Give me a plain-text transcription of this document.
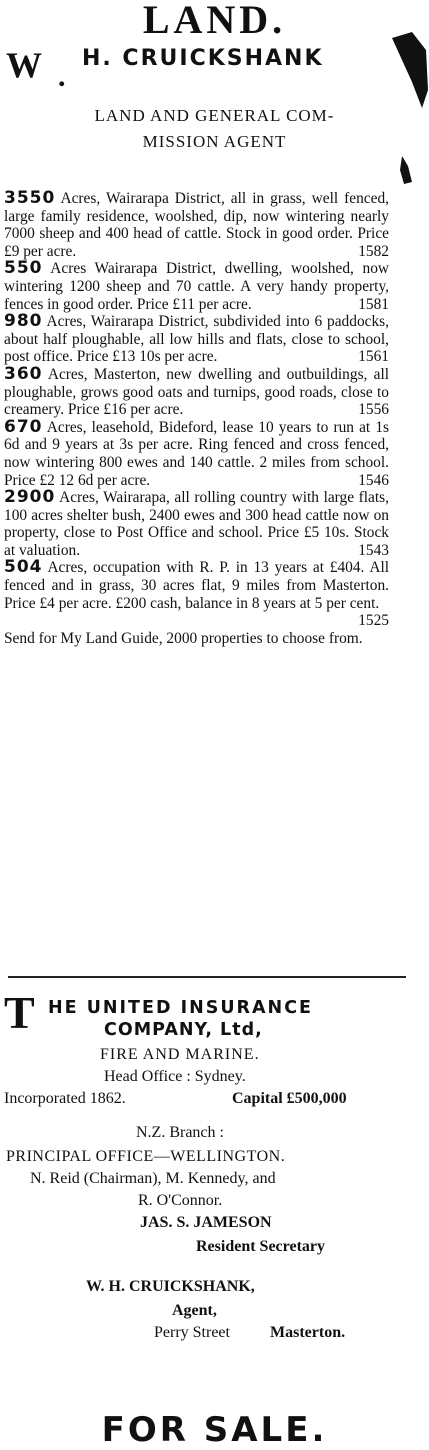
LAND.
W .
H. CRUICKSHANK
LAND AND GENERAL COM-
MISSION AGENT
3550 Acres, Wairarapa District, all in grass, well fenced, large family residence, woolshed, dip, now wintering nearly 7000 sheep and 400 head of cattle. Stock in good order. Price £9 per acre.	1582
550 Acres Wairarapa District, dwelling, woolshed, now wintering 1200 sheep and 70 cattle. A very handy property, fences in good order. Price £11 per acre.	1581
980 Acres, Wairarapa District, subdivided into 6 paddocks, about half ploughable, all low hills and flats, close to school, post office. Price £13 10s per acre.	1561
360 Acres, Masterton, new dwelling and outbuildings, all ploughable, grows good oats and turnips, good roads, close to creamery. Price £16 per acre.	1556
670 Acres, leasehold, Bideford, lease 10 years to run at 1s 6d and 9 years at 3s per acre. Ring fenced and cross fenced, now wintering 800 ewes and 140 cattle. 2 miles from school. Price £2 12 6d per acre.	1546
2900 Acres, Wairarapa, all rolling country with large flats, 100 acres shelter bush, 2400 ewes and 300 head cattle now on property, close to Post Office and school. Price £5 10s. Stock at valuation.	1543
504 Acres, occupation with R. P. in 13 years at £404. All fenced and in grass, 30 acres flat, 9 miles from Masterton. Price £4 per acre. £200 cash, balance in 8 years at 5 per cent.
1525
Send for My Land Guide, 2000 properties to choose from.
T HE UNITED INSURANCE
COMPANY, Ltd,
FIRE AND MARINE.
Head Office : Sydney.
Incorporated 1862.	Capital £500,000
N.Z. Branch :
PRINCIPAL OFFICE—WELLINGTON.
N. Reid (Chairman), M. Kennedy, and
R. O'Connor.
JAS. S. JAMESON
Resident Secretary
W. H. CRUICKSHANK,
Agent,
Perry Street	Masterton.
FOR SALE.
